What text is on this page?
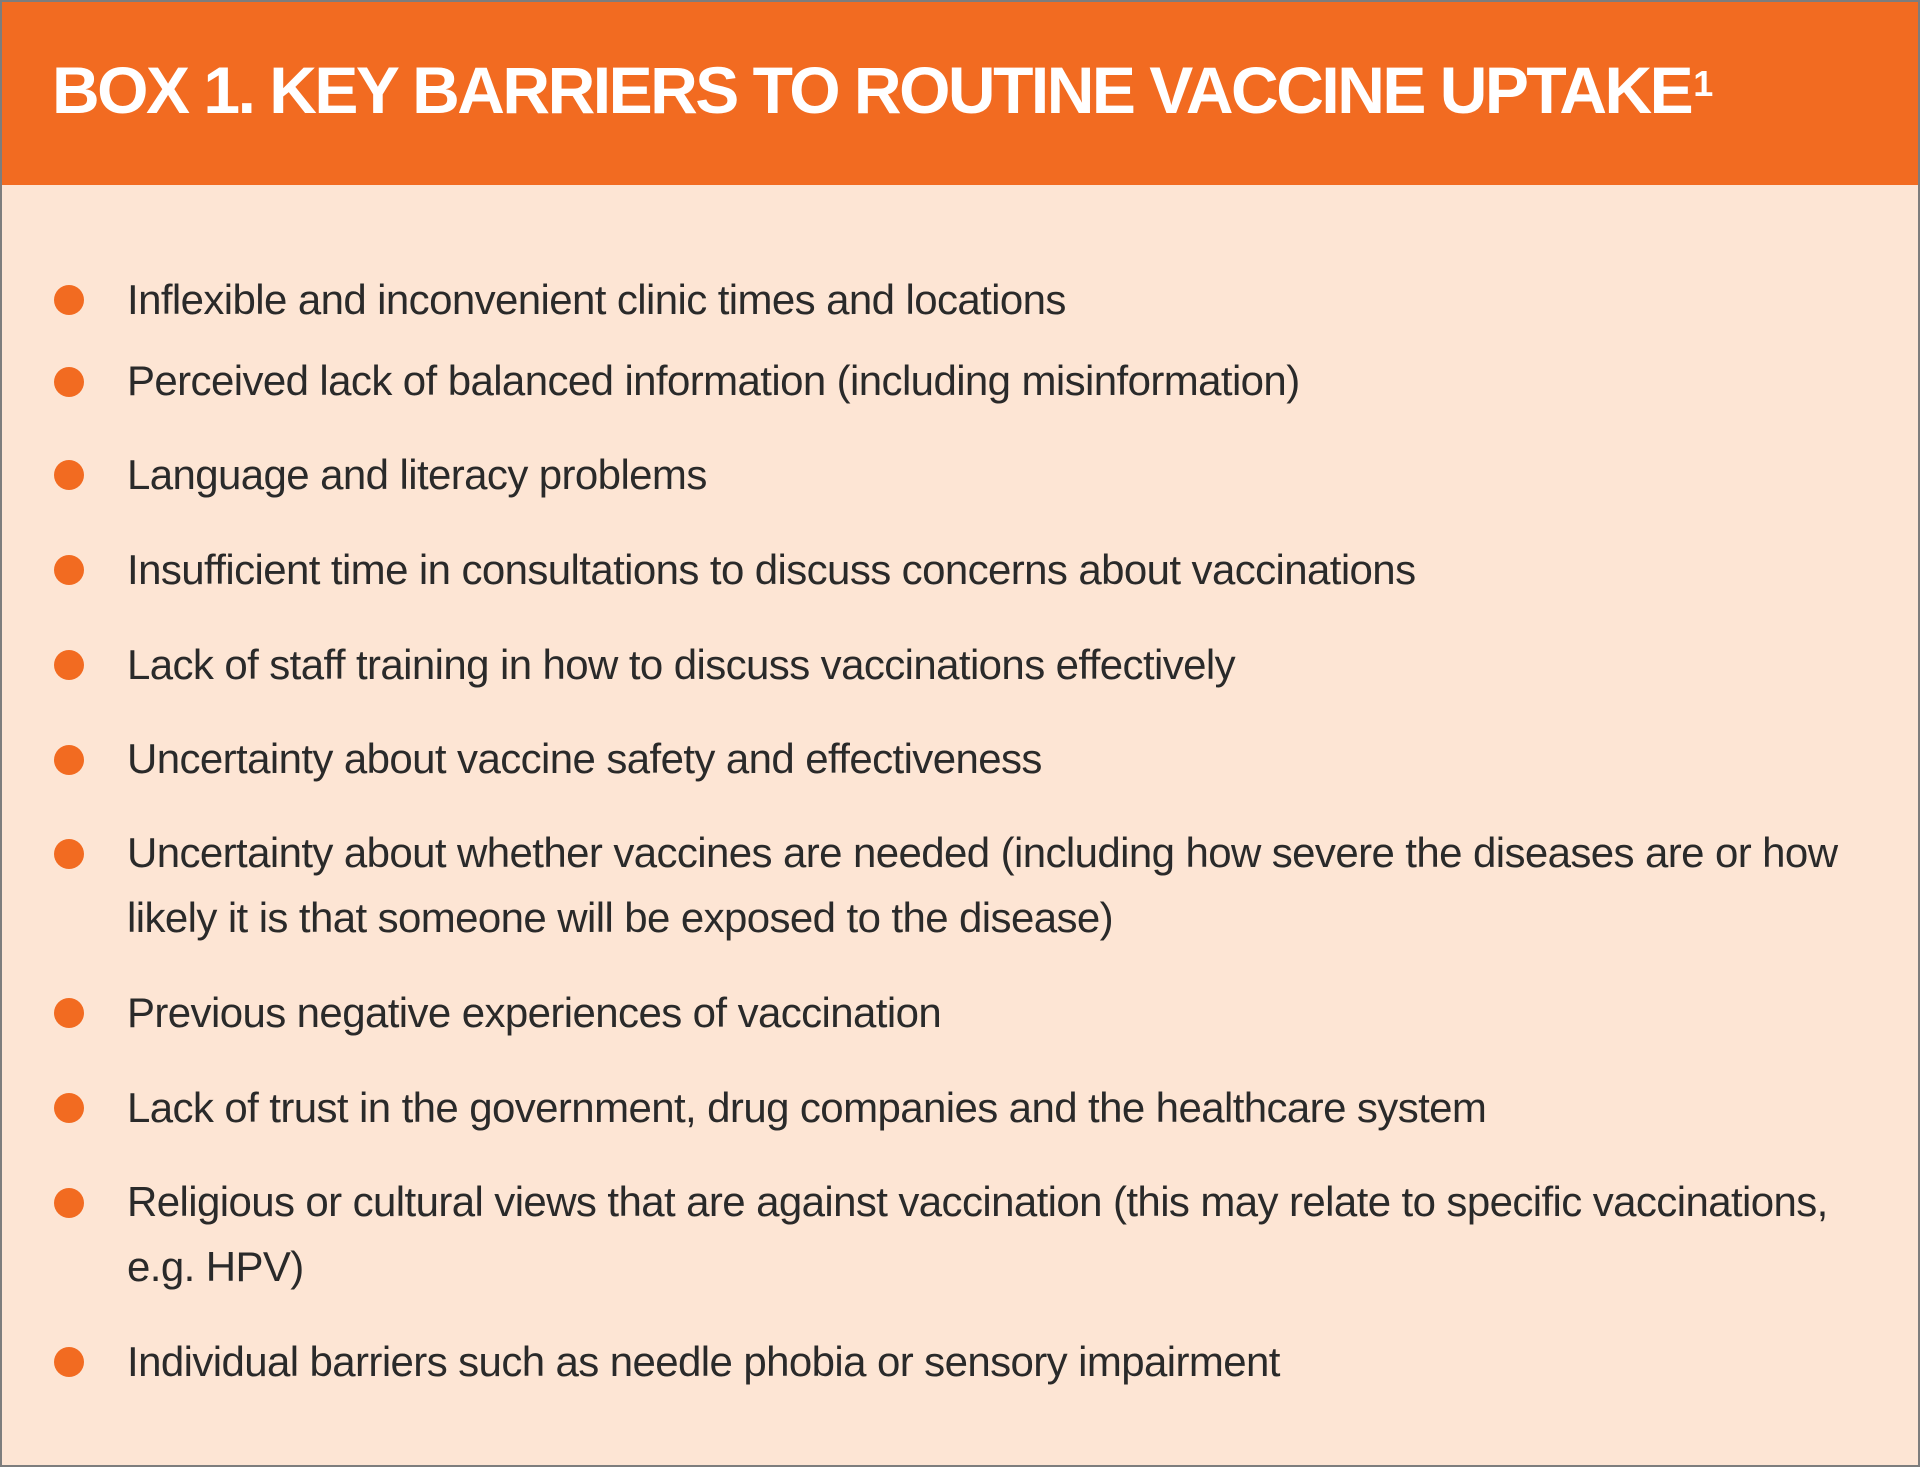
BOX 1. KEY BARRIERS TO ROUTINE VACCINE UPTAKE$^1$

Inflexible and inconvenient clinic times and locations

Perceived lack of balanced information (including misinformation)

Language and literacy problems

Insufficient time in consultations to discuss concerns about vaccinations

Lack of staff training in how to discuss vaccinations effectively

Uncertainty about vaccine safety and effectiveness

Uncertainty about whether vaccines are needed (including how severe the diseases are or how likely it is that someone will be exposed to the disease)

Previous negative experiences of vaccination

Lack of trust in the government, drug companies and the healthcare system

Religious or cultural views that are against vaccination (this may relate to specific vaccinations, e.g. HPV)

Individual barriers such as needle phobia or sensory impairment
